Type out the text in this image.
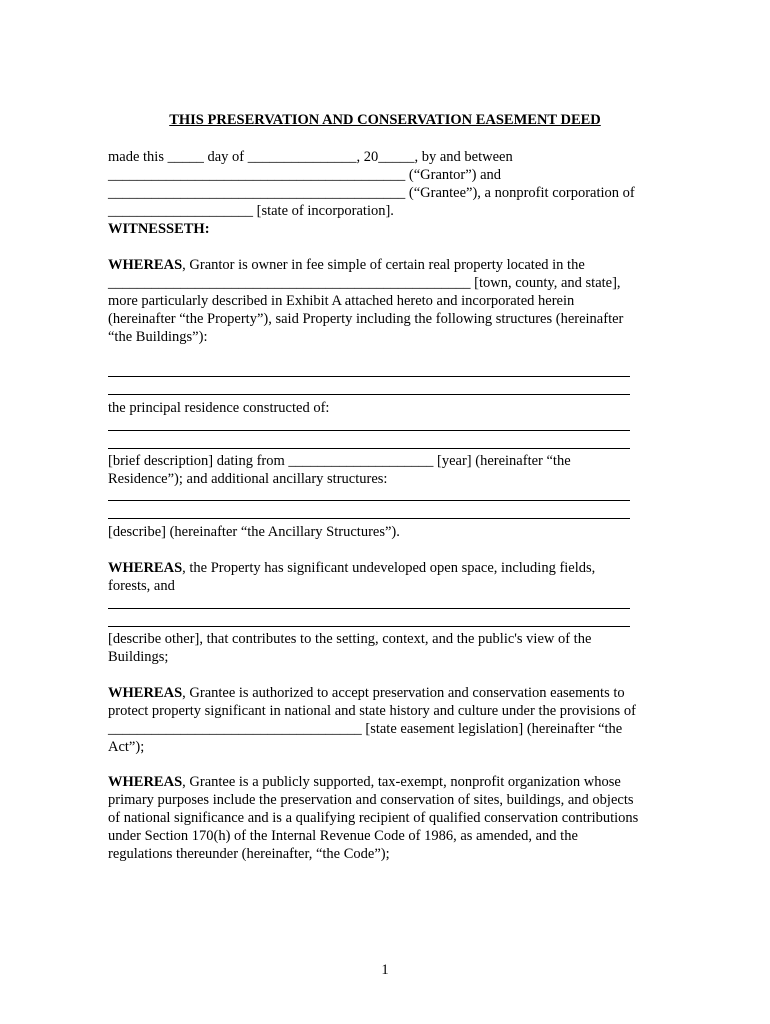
THIS PRESERVATION AND CONSERVATION EASEMENT DEED
made this _____ day of _______________, 20_____, by and between
_________________________________________ (“Grantor”) and
_________________________________________ (“Grantee”), a nonprofit corporation of
____________________ [state of incorporation].
WITNESSETH:
WHEREAS, Grantor is owner in fee simple of certain real property located in the
__________________________________________________ [town, county, and state],
more particularly described in Exhibit A attached hereto and incorporated herein
(hereinafter “the Property”), said Property including the following structures (hereinafter
“the Buildings”):
the principal residence constructed of:
[brief description] dating from ____________________ [year] (hereinafter “the
Residence”); and additional ancillary structures:
[describe] (hereinafter “the Ancillary Structures”).
WHEREAS, the Property has significant undeveloped open space, including fields,
forests, and
[describe other], that contributes to the setting, context, and the public's view of the
Buildings;
WHEREAS, Grantee is authorized to accept preservation and conservation easements to
protect property significant in national and state history and culture under the provisions of
___________________________________ [state easement legislation] (hereinafter “the
Act”);
WHEREAS, Grantee is a publicly supported, tax-exempt, nonprofit organization whose
primary purposes include the preservation and conservation of sites, buildings, and objects
of national significance and is a qualifying recipient of qualified conservation contributions
under Section 170(h) of the Internal Revenue Code of 1986, as amended, and the
regulations thereunder (hereinafter, “the Code”);
1
